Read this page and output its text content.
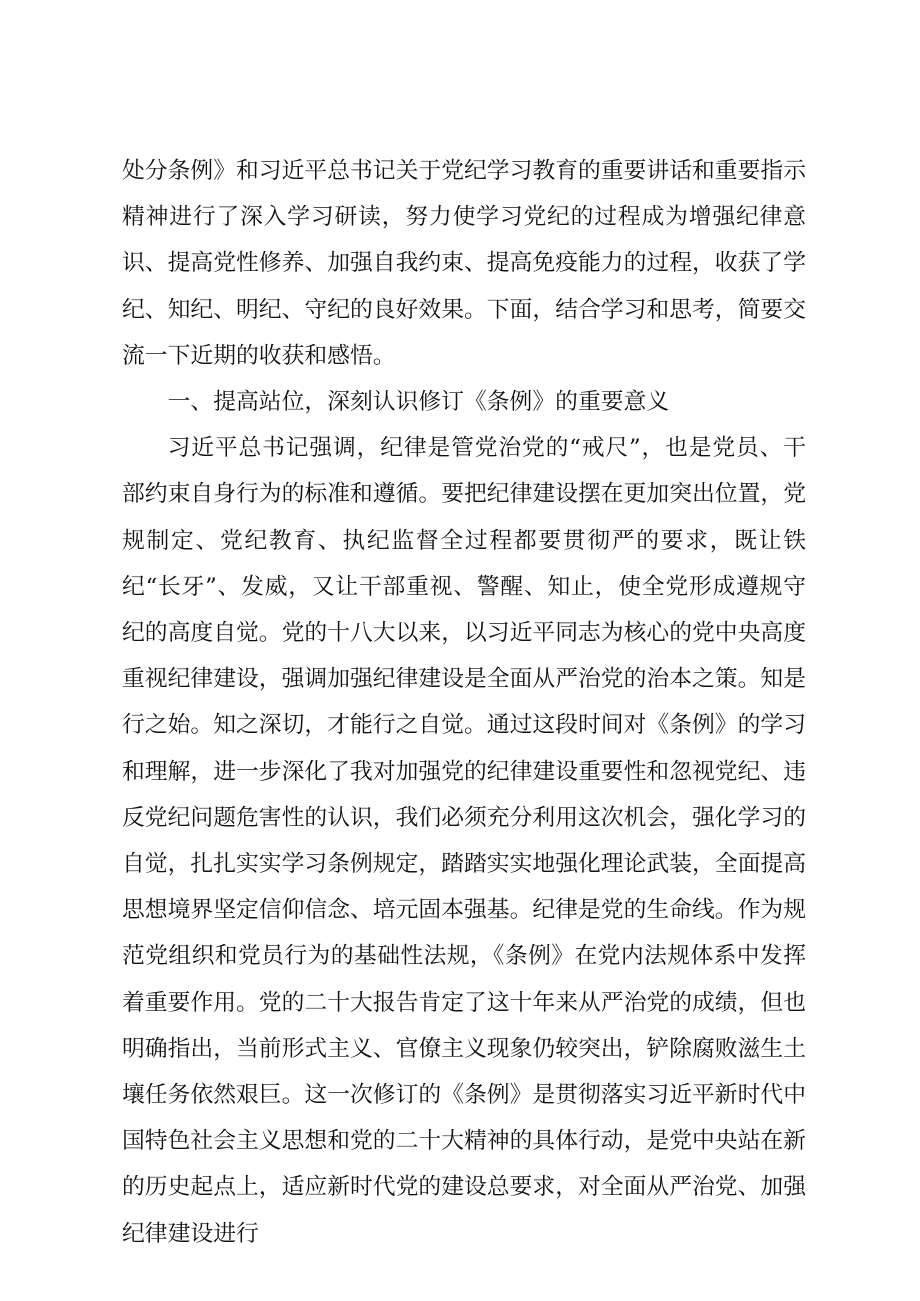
处分条例》和习近平总书记关于党纪学习教育的重要讲话和重要指示精神进行了深入学习研读，努力使学习党纪的过程成为增强纪律意识、提高党性修养、加强自我约束、提高免疫能力的过程，收获了学纪、知纪、明纪、守纪的良好效果。下面，结合学习和思考，简要交流一下近期的收获和感悟。

一、提高站位，深刻认识修订《条例》的重要意义

习近平总书记强调，纪律是管党治党的“戒尺”，也是党员、干部约束自身行为的标准和遵循。要把纪律建设摆在更加突出位置，党规制定、党纪教育、执纪监督全过程都要贯彻严的要求，既让铁纪“长牙”、发威，又让干部重视、警醒、知止，使全党形成遵规守纪的高度自觉。党的十八大以来，以习近平同志为核心的党中央高度重视纪律建设，强调加强纪律建设是全面从严治党的治本之策。知是行之始。知之深切，才能行之自觉。通过这段时间对《条例》的学习和理解，进一步深化了我对加强党的纪律建设重要性和忽视党纪、违反党纪问题危害性的认识，我们必须充分利用这次机会，强化学习的自觉，扎扎实实学习条例规定，踏踏实实地强化理论武装，全面提高思想境界坚定信仰信念、培元固本强基。纪律是党的生命线。作为规范党组织和党员行为的基础性法规，《条例》在党内法规体系中发挥着重要作用。党的二十大报告肯定了这十年来从严治党的成绩，但也明确指出，当前形式主义、官僚主义现象仍较突出，铲除腐败滋生土壤任务依然艰巨。这一次修订的《条例》是贯彻落实习近平新时代中国特色社会主义思想和党的二十大精神的具体行动，是党中央站在新的历史起点上，适应新时代党的建设总要求，对全面从严治党、加强纪律建设进行
